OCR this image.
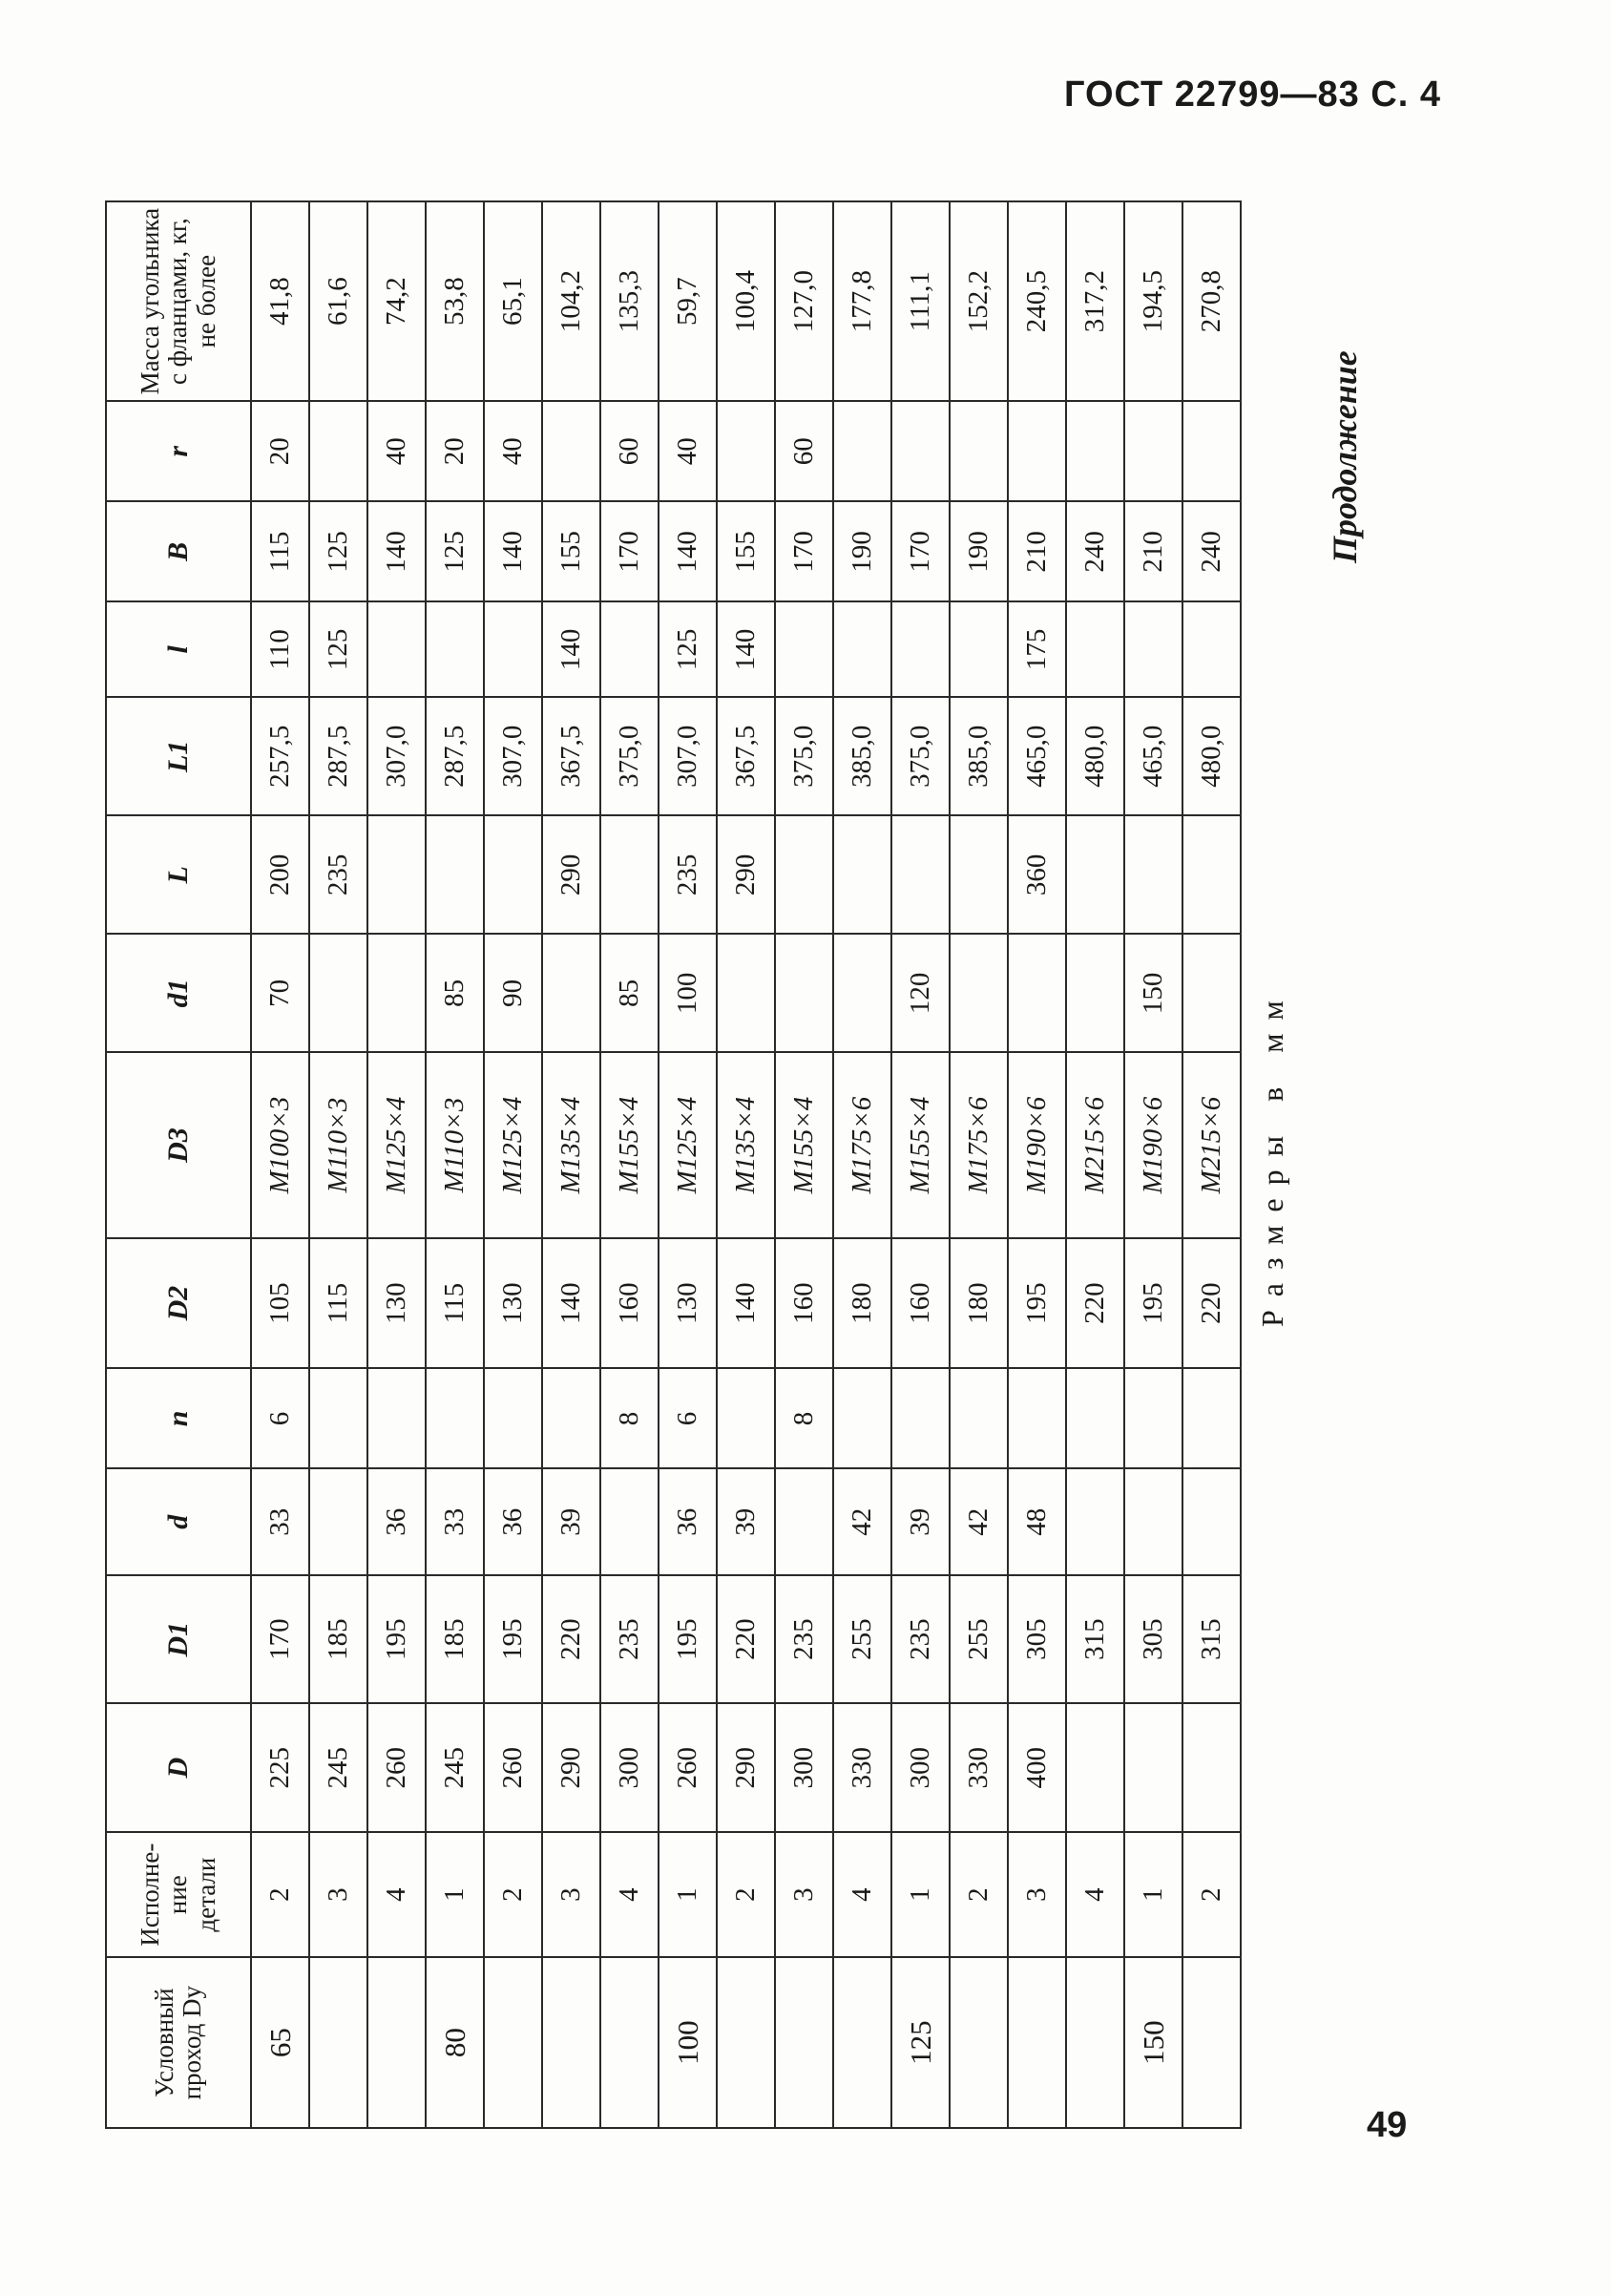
ГОСТ 22799—83 С. 4
Продолжение
Размеры в мм
Условный проход Dу	Исполне-ние детали	D	D1	d	n	D2	D3	d1	L	L1	l	B	r	Масса угольника с фланцами, кг, не более
65	2	225	170	33	6	105	M100×3	70	200	257,5	110	115	20	41,8
	3	245	185			115	M110×3		235	287,5	125	125		61,6
	4	260	195	36		130	M125×4			307,0		140	40	74,2
80	1	245	185	33		115	M110×3	85		287,5		125	20	53,8
	2	260	195	36		130	M125×4	90		307,0		140	40	65,1
	3	290	220	39		140	M135×4		290	367,5	140	155		104,2
	4	300	235		8	160	M155×4	85		375,0		170	60	135,3
100	1	260	195	36	6	130	M125×4	100	235	307,0	125	140	40	59,7
	2	290	220	39		140	M135×4		290	367,5	140	155		100,4
	3	300	235		8	160	M155×4			375,0		170	60	127,0
	4	330	255	42		180	M175×6			385,0		190		177,8
125	1	300	235	39		160	M155×4	120		375,0		170		111,1
	2	330	255	42		180	M175×6			385,0		190		152,2
	3	400	305	48		195	M190×6		360	465,0	175	210		240,5
	4		315			220	M215×6			480,0		240		317,2
150	1		305			195	M190×6	150		465,0		210		194,5
	2		315			220	M215×6			480,0		240		270,8
49
